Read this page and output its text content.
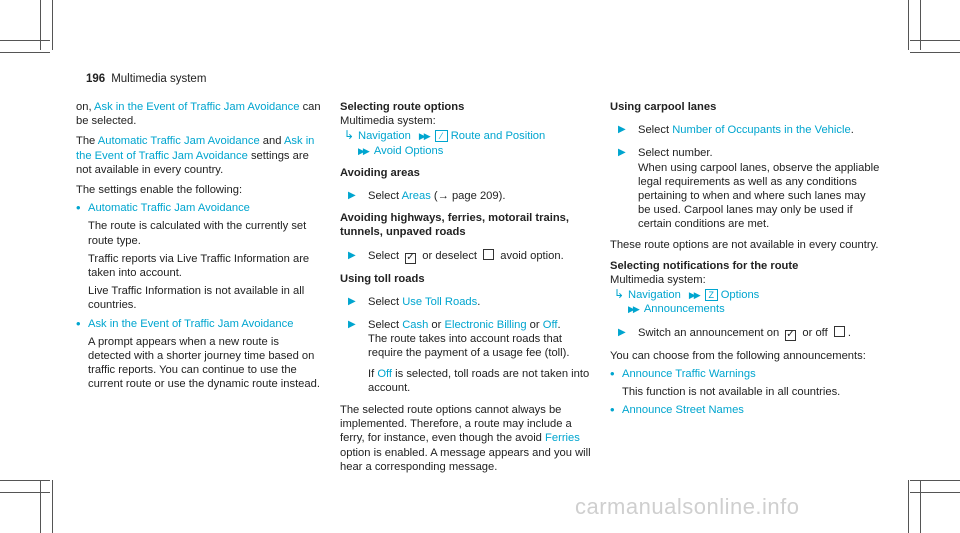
196 Multimedia system

on, Ask in the Event of Traffic Jam Avoidance can be selected.

The Automatic Traffic Jam Avoidance and Ask in the Event of Traffic Jam Avoidance settings are not available in every country.

The settings enable the following:

• Automatic Traffic Jam Avoidance

The route is calculated with the currently set route type.

Traffic reports via Live Traffic Information are taken into account.

Live Traffic Information is not available in all countries.

• Ask in the Event of Traffic Jam Avoidance

A prompt appears when a new route is detected with a shorter journey time based on traffic reports. You can continue to use the current route or use the dynamic route instead.

Selecting route options

Multimedia system:

↳ Navigation ▶▶ ⁄ Route and Position

▶▶ Avoid Options

Avoiding areas

▶	Select Areas (→ page 209).

Avoiding highways, ferries, motorail trains, tunnels, unpaved roads

▶	Select ✓ or deselect  avoid option.

Using toll roads

▶	Select Use Toll Roads.
▶	Select Cash or Electronic Billing or Off.

The route takes into account roads that require the payment of a usage fee (toll).

If Off is selected, toll roads are not taken into account.

The selected route options cannot always be implemented. Therefore, a route may include a ferry, for instance, even though the avoid Ferries option is enabled. A message appears and you will hear a corresponding message.

Using carpool lanes

▶	Select Number of Occupants in the Vehicle.
▶	Select number.

When using carpool lanes, observe the appliable legal requirements as well as any conditions pertaining to when and where such lanes may be used. Carpool lanes may only be used if certain conditions are met.

These route options are not available in every country.

Selecting notifications for the route

Multimedia system:

↳ Navigation ▶▶ Z Options

▶▶ Announcements

▶	Switch an announcement on ✓ or off .

You can choose from the following announcements:

• Announce Traffic Warnings

This function is not available in all countries.

• Announce Street Names
carmanualsonline.info
